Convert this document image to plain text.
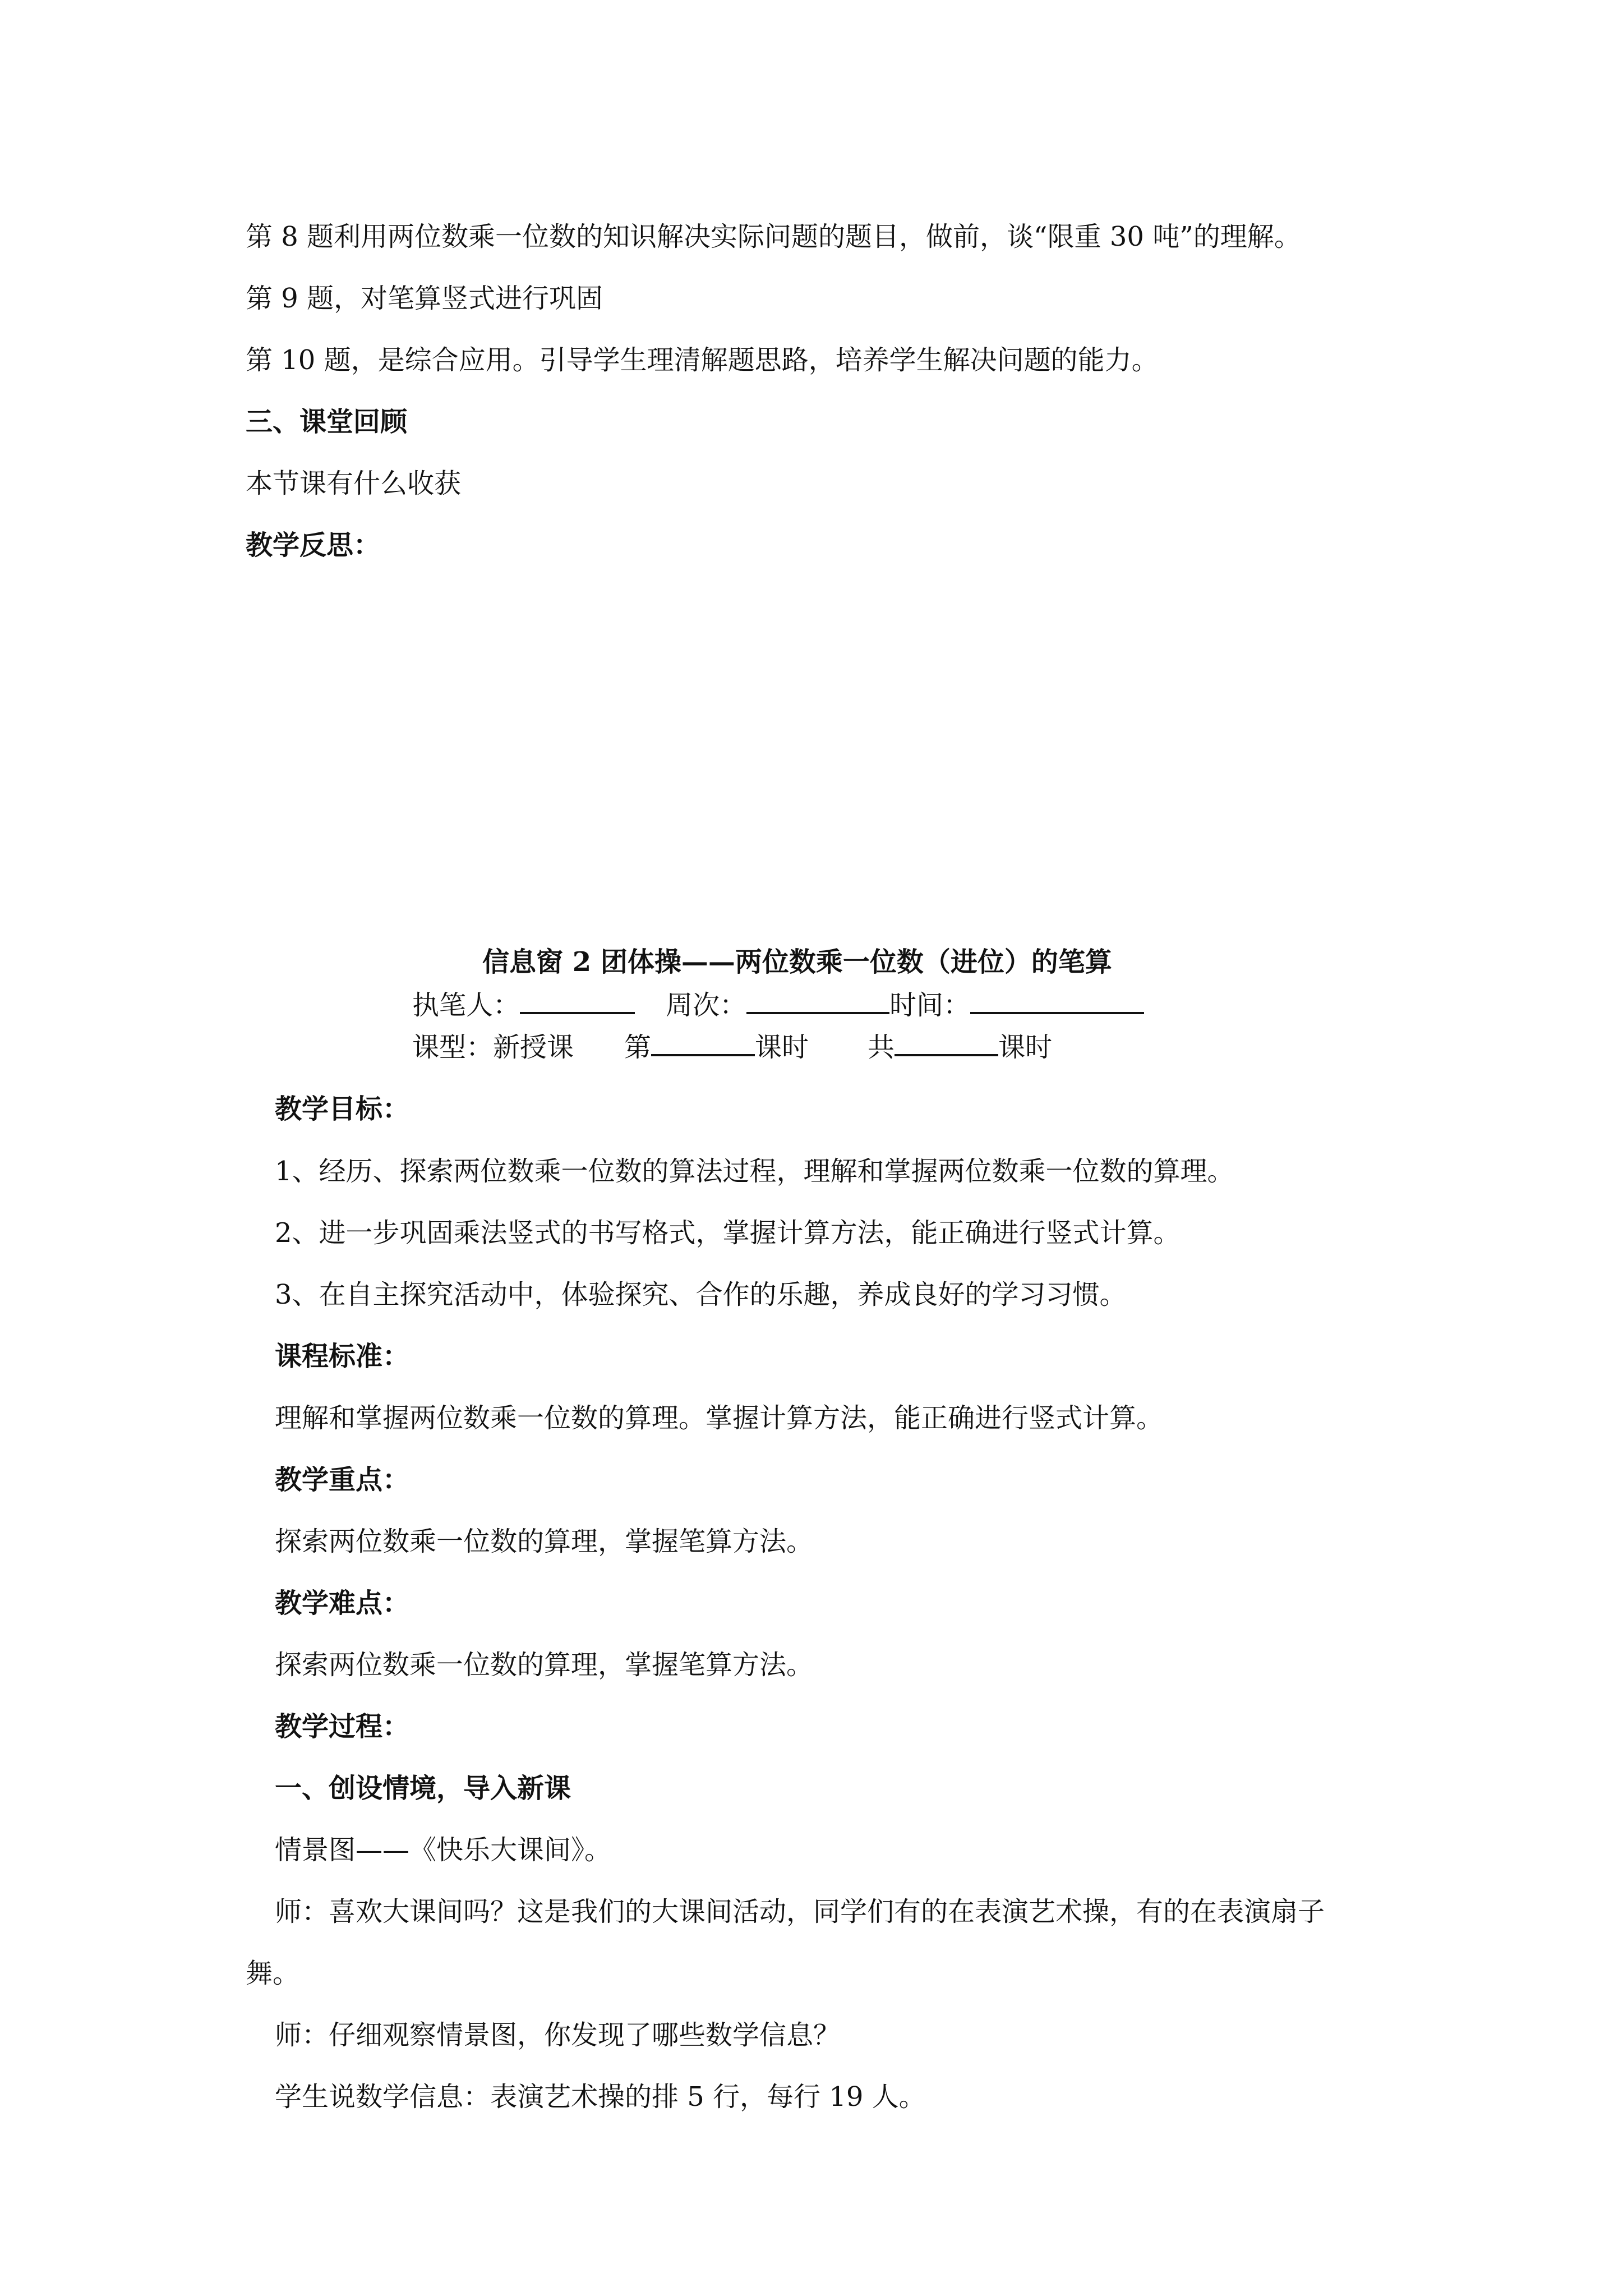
第 8 题利用两位数乘一位数的知识解决实际问题的题目，做前，谈“限重 30 吨”的理解。
第 9 题，对笔算竖式进行巩固
第 10 题，是综合应用。引导学生理清解题思路，培养学生解决问题的能力。
三、课堂回顾
本节课有什么收获
教学反思：
信息窗 2 团体操——两位数乘一位数（进位）的笔算
执笔人：	周次：	时间：
课型：新授课 第	课时 共	课时
教学目标：
1、经历、探索两位数乘一位数的算法过程，理解和掌握两位数乘一位数的算理。
2、进一步巩固乘法竖式的书写格式，掌握计算方法，能正确进行竖式计算。
3、在自主探究活动中，体验探究、合作的乐趣，养成良好的学习习惯。
课程标准：
理解和掌握两位数乘一位数的算理。掌握计算方法，能正确进行竖式计算。
教学重点：
探索两位数乘一位数的算理，掌握笔算方法。
教学难点：
探索两位数乘一位数的算理，掌握笔算方法。
教学过程：
一、创设情境，导入新课
情景图——《快乐大课间》。
师：喜欢大课间吗？这是我们的大课间活动，同学们有的在表演艺术操，有的在表演扇子
舞。
师：仔细观察情景图，你发现了哪些数学信息？
学生说数学信息：表演艺术操的排 5 行，每行 19 人。
